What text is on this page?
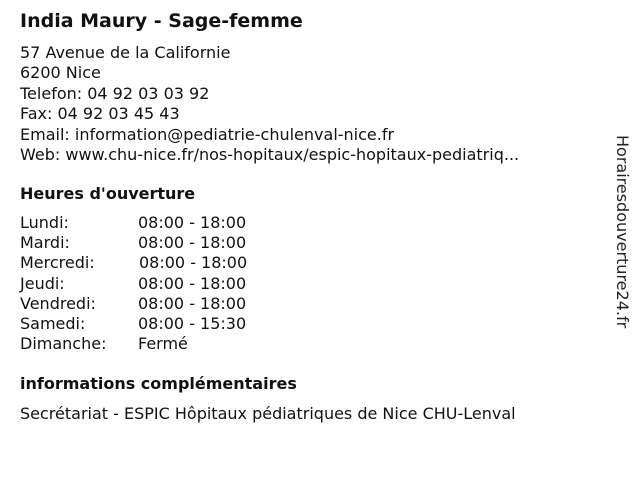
India Maury - Sage-femme
57 Avenue de la Californie
6200 Nice
Telefon: 04 92 03 03 92
Fax: 04 92 03 45 43
Email: information@pediatrie-chulenval-nice.fr
Web: www.chu-nice.fr/nos-hopitaux/espic-hopitaux-pediatriq...
Heures d'ouverture
Lundi:	08:00 - 18:00
Mardi:	08:00 - 18:00
Mercredi:	08:00 - 18:00
Jeudi:	08:00 - 18:00
Vendredi:	08:00 - 18:00
Samedi:	08:00 - 15:30
Dimanche: Fermé
informations complémentaires
Secrétariat - ESPIC Hôpitaux pédiatriques de Nice CHU-Lenval
Horairesdouverture24.fr
